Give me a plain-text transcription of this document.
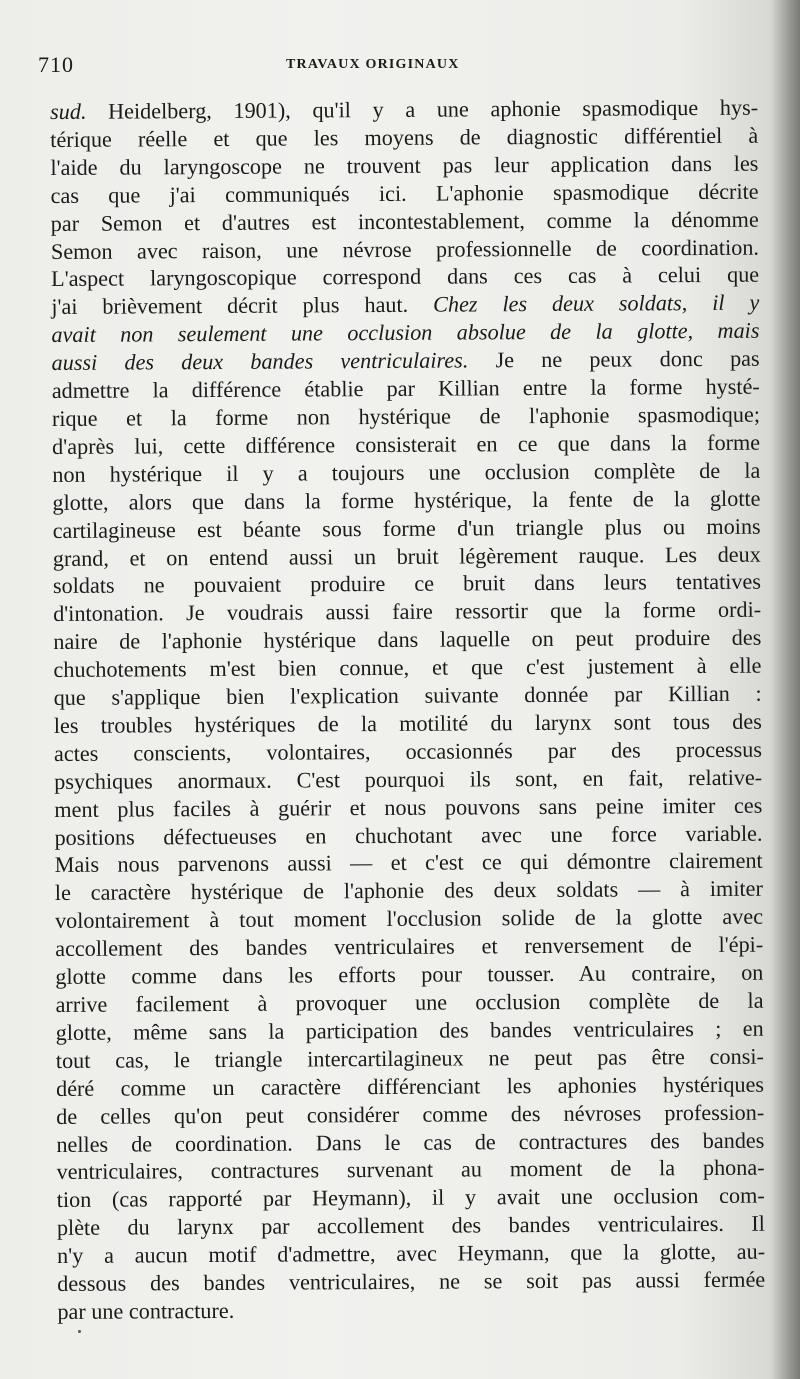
710	TRAVAUX ORIGINAUX
sud. Heidelberg, 1901), qu'il y a une aphonie spasmodique hys-
térique réelle et que les moyens de diagnostic différentiel à
l'aide du laryngoscope ne trouvent pas leur application dans les
cas que j'ai communiqués ici. L'aphonie spasmodique décrite
par Semon et d'autres est incontestablement, comme la dénomme
Semon avec raison, une névrose professionnelle de coordination.
L'aspect laryngoscopique correspond dans ces cas à celui que
j'ai brièvement décrit plus haut. Chez les deux soldats, il y
avait non seulement une occlusion absolue de la glotte, mais
aussi des deux bandes ventriculaires. Je ne peux donc pas
admettre la différence établie par Killian entre la forme hysté-
rique et la forme non hystérique de l'aphonie spasmodique;
d'après lui, cette différence consisterait en ce que dans la forme
non hystérique il y a toujours une occlusion complète de la
glotte, alors que dans la forme hystérique, la fente de la glotte
cartilagineuse est béante sous forme d'un triangle plus ou moins
grand, et on entend aussi un bruit légèrement rauque. Les deux
soldats ne pouvaient produire ce bruit dans leurs tentatives
d'intonation. Je voudrais aussi faire ressortir que la forme ordi-
naire de l'aphonie hystérique dans laquelle on peut produire des
chuchotements m'est bien connue, et que c'est justement à elle
que s'applique bien l'explication suivante donnée par Killian :
les troubles hystériques de la motilité du larynx sont tous des
actes conscients, volontaires, occasionnés par des processus
psychiques anormaux. C'est pourquoi ils sont, en fait, relative-
ment plus faciles à guérir et nous pouvons sans peine imiter ces
positions défectueuses en chuchotant avec une force variable.
Mais nous parvenons aussi — et c'est ce qui démontre clairement
le caractère hystérique de l'aphonie des deux soldats — à imiter
volontairement à tout moment l'occlusion solide de la glotte avec
accollement des bandes ventriculaires et renversement de l'épi-
glotte comme dans les efforts pour tousser. Au contraire, on
arrive facilement à provoquer une occlusion complète de la
glotte, même sans la participation des bandes ventriculaires ; en
tout cas, le triangle intercartilagineux ne peut pas être consi-
déré comme un caractère différenciant les aphonies hystériques
de celles qu'on peut considérer comme des névroses profession-
nelles de coordination. Dans le cas de contractures des bandes
ventriculaires, contractures survenant au moment de la phona-
tion (cas rapporté par Heymann), il y avait une occlusion com-
plète du larynx par accollement des bandes ventriculaires. Il
n'y a aucun motif d'admettre, avec Heymann, que la glotte, au-
dessous des bandes ventriculaires, ne se soit pas aussi fermée
par une contracture.
